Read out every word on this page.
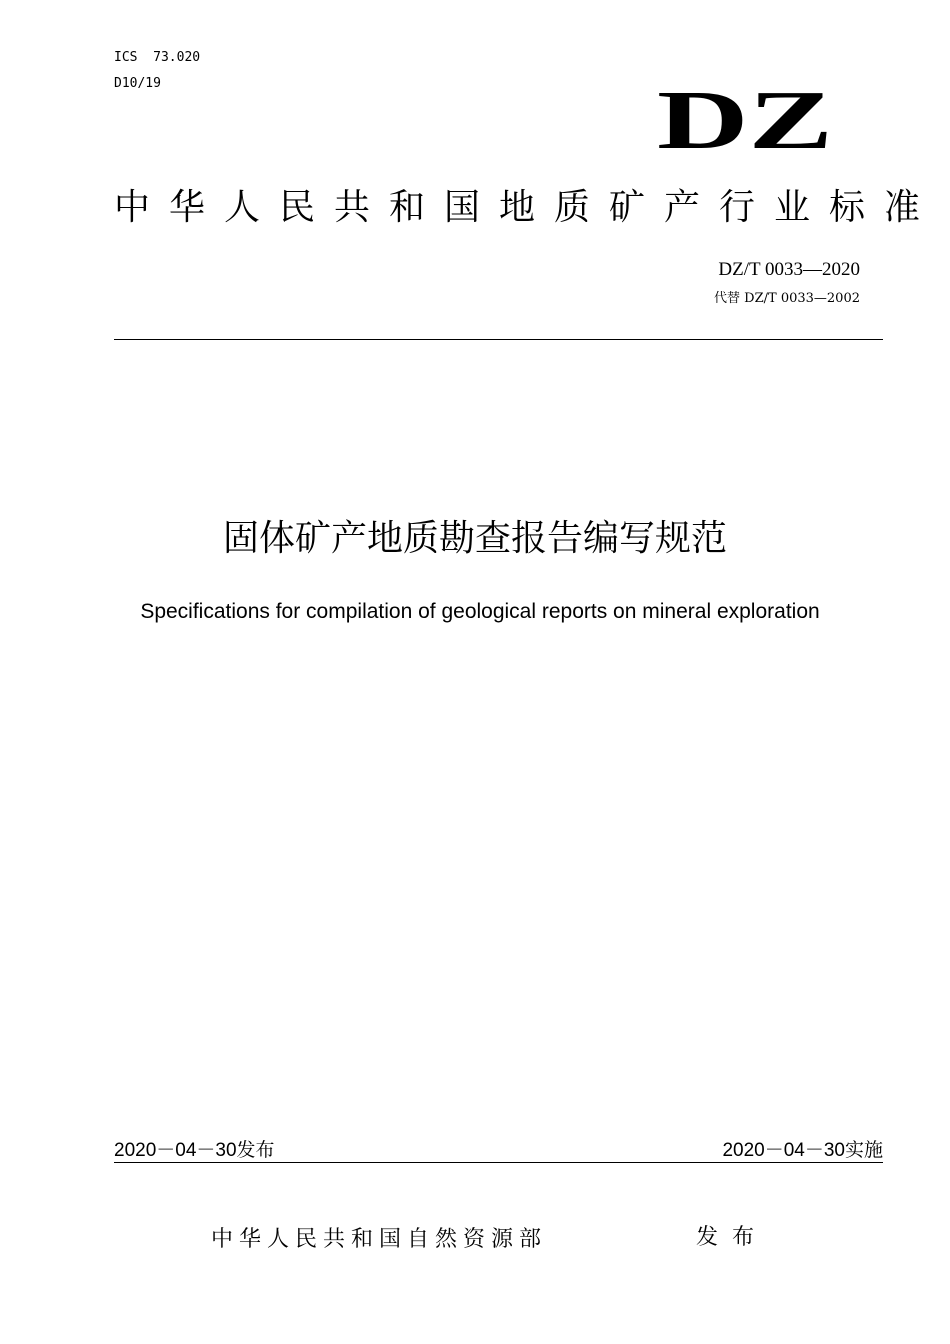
ICS  73.020
D10/19	DZ
中华人民共和国地质矿产行业标准
DZ/T 0033—2020
代替 DZ/T 0033—2002
固体矿产地质勘查报告编写规范
Specifications for compilation of geological reports on mineral exploration
2020－04－30发布	2020－04－30实施
中华人民共和国自然资源部	发布
